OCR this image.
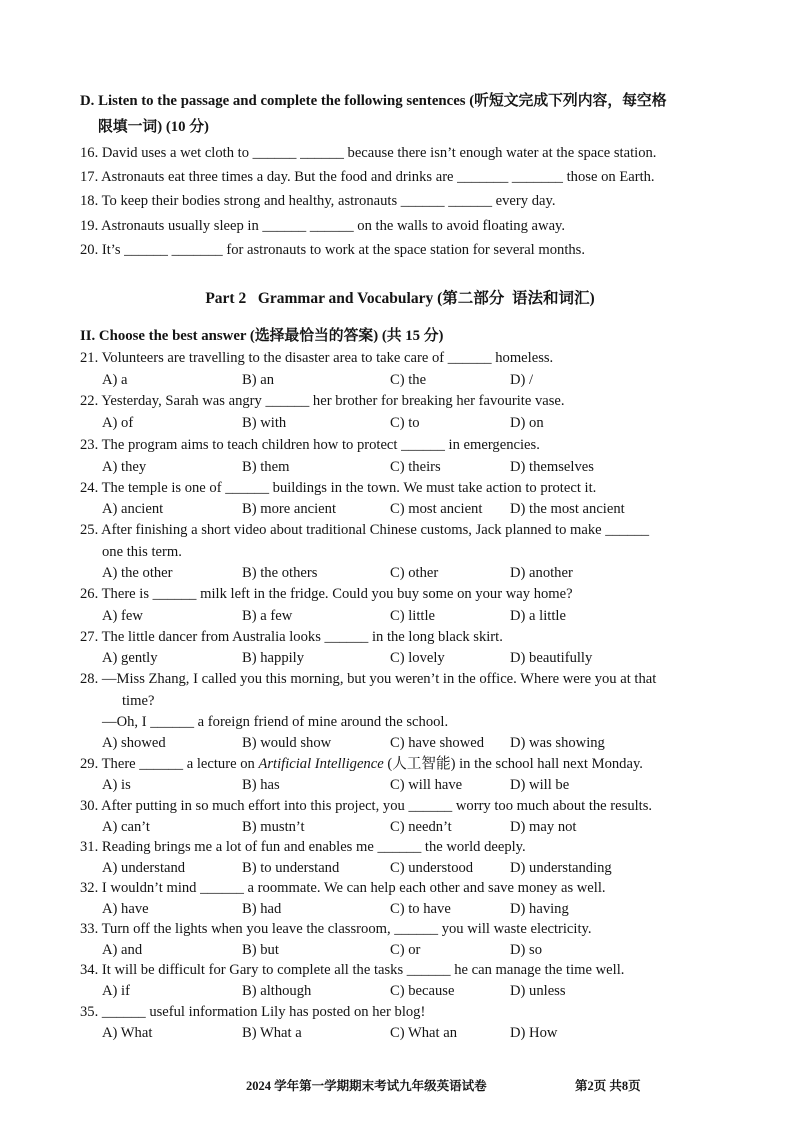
D. Listen to the passage and complete the following sentences (听短文完成下列内容，每空格
限填一词) (10 分)
16. David uses a wet cloth to ______ ______ because there isn’t enough water at the space station.
17. Astronauts eat three times a day. But the food and drinks are _______ _______ those on Earth.
18. To keep their bodies strong and healthy, astronauts ______ ______ every day.
19. Astronauts usually sleep in ______ ______ on the walls to avoid floating away.
20. It’s ______ _______ for astronauts to work at the space station for several months.
Part 2   Grammar and Vocabulary (第二部分  语法和词汇)
II. Choose the best answer (选择最恰当的答案) (共 15 分)
21. Volunteers are travelling to the disaster area to take care of ______ homeless.
A) a	B) an	C) the	D) /
22. Yesterday, Sarah was angry ______ her brother for breaking her favourite vase.
A) of	B) with	C) to	D) on
23. The program aims to teach children how to protect ______ in emergencies.
A) they	B) them	C) theirs	D) themselves
24. The temple is one of ______ buildings in the town. We must take action to protect it.
A) ancient	B) more ancient	C) most ancient D) the most ancient
25. After finishing a short video about traditional Chinese customs, Jack planned to make ______
one this term.
A) the other	B) the others	C) other	D) another
26. There is ______ milk left in the fridge. Could you buy some on your way home?
A) few	B) a few	C) little	D) a little
27. The little dancer from Australia looks ______ in the long black skirt.
A) gently	B) happily	C) lovely	D) beautifully
28. —Miss Zhang, I called you this morning, but you weren’t in the office. Where were you at that
time?
—Oh, I ______ a foreign friend of mine around the school.
A) showed	B) would show	C) have showed D) was showing
29. There ______ a lecture on Artificial Intelligence (人工智能) in the school hall next Monday.
A) is	B) has	C) will have	D) will be
30. After putting in so much effort into this project, you ______ worry too much about the results.
A) can’t	B) mustn’t	C) needn’t	D) may not
31. Reading brings me a lot of fun and enables me ______ the world deeply.
A) understand	B) to understand	C) understood	D) understanding
32. I wouldn’t mind ______ a roommate. We can help each other and save money as well.
A) have	B) had	C) to have	D) having
33. Turn off the lights when you leave the classroom, ______ you will waste electricity.
A) and	B) but	C) or	D) so
34. It will be difficult for Gary to complete all the tasks ______ he can manage the time well.
A) if	B) although	C) because	D) unless
35. ______ useful information Lily has posted on her blog!
A) What	B) What a	C) What an	D) How
2024 学年第一学期期末考试九年级英语试卷	第2页 共8页
